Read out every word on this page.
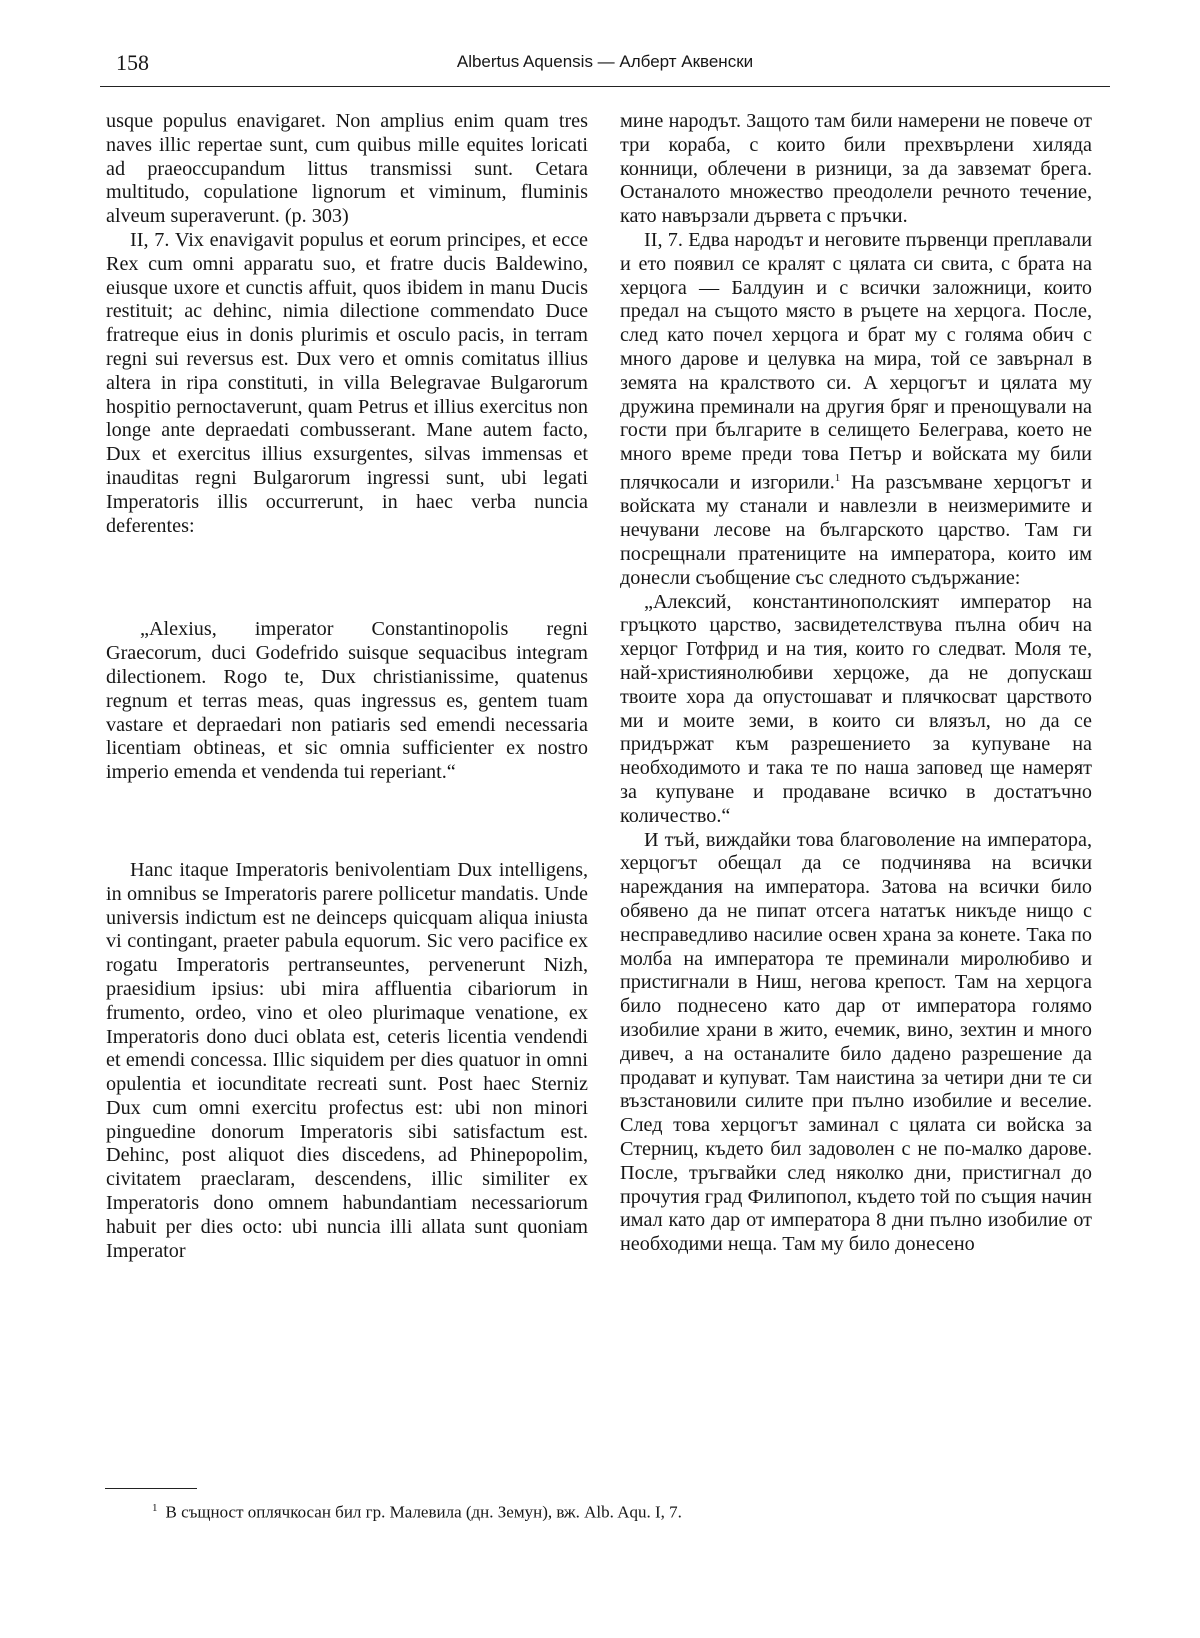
158	Albertus Aquensis — Алберт Аквенски

usque populus enavigaret. Non amplius enim quam tres naves illic repertae sunt, cum quibus mille equites loricati ad praeoccupandum littus transmissi sunt. Cetara multitudo, copulatione lignorum et viminum, fluminis alveum superaverunt. (p. 303)

II, 7. Vix enavigavit populus et eorum principes, et ecce Rex cum omni apparatu suo, et fratre ducis Baldewino, eiusque uxore et cunctis affuit, quos ibidem in manu Ducis restituit; ac dehinc, nimia dilectione commendato Duce fratreque eius in donis plurimis et osculo pacis, in terram regni sui reversus est. Dux vero et omnis comitatus illius altera in ripa constituti, in villa Belegravae Bulgarorum hospitio pernoctaverunt, quam Petrus et illius exercitus non longe ante depraedati combusserant. Mane autem facto, Dux et exercitus illius exsurgentes, silvas immensas et inauditas regni Bulgarorum ingressi sunt, ubi legati Imperatoris illis occurrerunt, in haec verba nuncia deferentes:

„Alexius, imperator Constantinopolis regni Graecorum, duci Godefrido suisque sequacibus integram dilectionem. Rogo te, Dux christianissime, quatenus regnum et terras meas, quas ingressus es, gentem tuam vastare et depraedari non patiaris sed emendi necessaria licentiam obtineas, et sic omnia sufficienter ex nostro imperio emenda et vendenda tui reperiant.“

Hanc itaque Imperatoris benivolentiam Dux intelligens, in omnibus se Imperatoris parere pollicetur mandatis. Unde universis indictum est ne deinceps quicquam aliqua iniusta vi contingant, praeter pabula equorum. Sic vero pacifice ex rogatu Imperatoris pertranseuntes, pervenerunt Nizh, praesidium ipsius: ubi mira affluentia cibariorum in frumento, ordeo, vino et oleo plurimaque venatione, ex Imperatoris dono duci oblata est, ceteris licentia vendendi et emendi concessa. Illic siquidem per dies quatuor in omni opulentia et iocunditate recreati sunt. Post haec Sterniz Dux cum omni exercitu profectus est: ubi non minori pinguedine donorum Imperatoris sibi satisfactum est. Dehinc, post aliquot dies discedens, ad Phinepopolim, civitatem praeclaram, descendens, illic similiter ex Imperatoris dono omnem habundantiam necessariorum habuit per dies octo: ubi nuncia illi allata sunt quoniam Imperator

мине народът. Защото там били намерени не повече от три кораба, с които били прехвърлени хиляда конници, облечени в ризници, за да завземат брега. Останалото множество преодолели речното течение, като навързали дървета с пръчки.

II, 7. Едва народът и неговите първенци преплавали и ето появил се кралят с цялата си свита, с брата на херцога — Балдуин и с всички заложници, които предал на същото място в ръцете на херцога. После, след като почел херцога и брат му с голяма обич с много дарове и целувка на мира, той се завърнал в земята на кралството си. А херцогът и цялата му дружина преминали на другия бряг и пренощували на гости при българите в селището Белеграва, което не много време преди това Петър и войската му били плячкосали и изгорили.$^1$ На разсъмване херцогът и войската му станали и навлезли в неизмеримите и нечувани лесове на българското царство. Там ги посрещнали пратениците на императора, които им донесли съобщение със следното съдържание:

„Алексий, константинополският император на гръцкото царство, засвидетелствува пълна обич на херцог Готфрид и на тия, които го следват. Моля те, най-християнолюбиви херцоже, да не допускаш твоите хора да опустошават и плячкосват царството ми и моите земи, в които си влязъл, но да се придържат към разрешението за купуване на необходимото и така те по наша заповед ще намерят за купуване и продаване всичко в достатъчно количество.“

И тъй, виждайки това благоволение на императора, херцогът обещал да се подчинява на всички нареждания на императора. Затова на всички било обявено да не пипат отсега нататък никъде нищо с несправедливо насилие освен храна за конете. Така по молба на императора те преминали миролюбиво и пристигнали в Ниш, негова крепост. Там на херцога било поднесено като дар от императора голямо изобилие храни в жито, ечемик, вино, зехтин и много дивеч, а на останалите било дадено разрешение да продават и купуват. Там наистина за четири дни те си възстановили силите при пълно изобилие и веселие. След това херцогът заминал с цялата си войска за Стерниц, където бил задоволен с не по-малко дарове. После, тръгвайки след няколко дни, пристигнал до прочутия град Филипопол, където той по същия начин имал като дар от императора 8 дни пълно изобилие от необходими неща. Там му било донесено

$^1$ В същност оплячкосан бил гр. Малевила (дн. Земун), вж. Alb. Aqu. I, 7.
